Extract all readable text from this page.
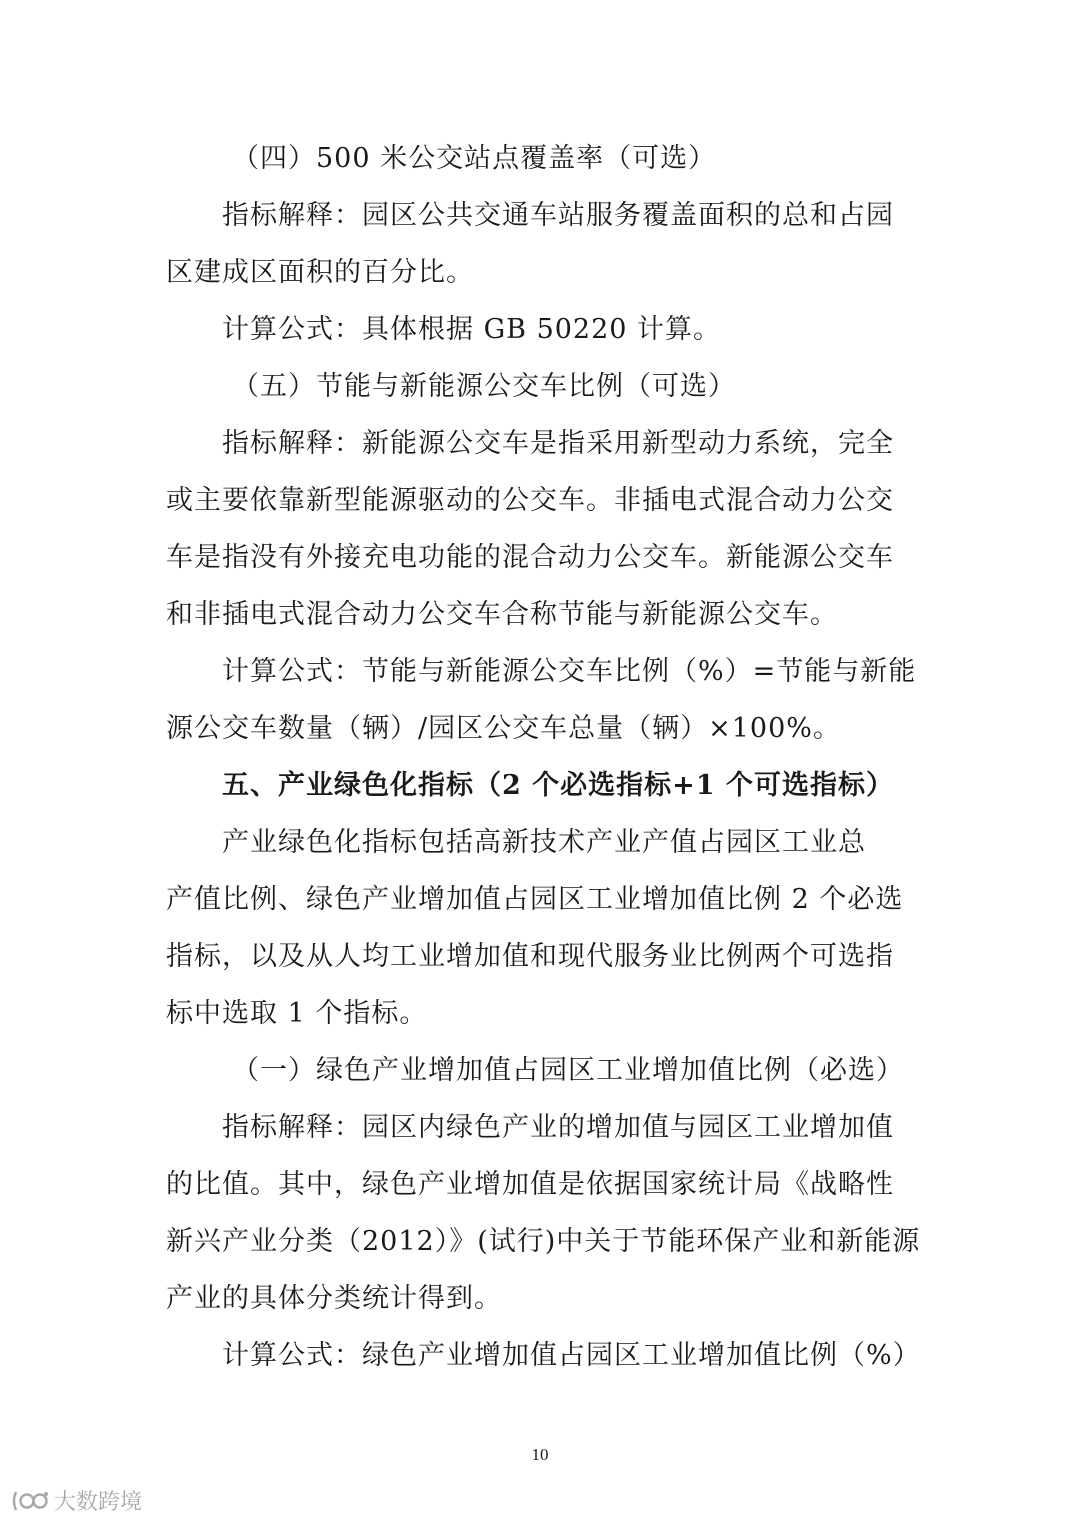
（四）500 米公交站点覆盖率（可选）
指标解释：园区公共交通车站服务覆盖面积的总和占园
区建成区面积的百分比。
计算公式：具体根据 GB 50220 计算。
（五）节能与新能源公交车比例（可选）
指标解释：新能源公交车是指采用新型动力系统，完全
或主要依靠新型能源驱动的公交车。非插电式混合动力公交
车是指没有外接充电功能的混合动力公交车。新能源公交车
和非插电式混合动力公交车合称节能与新能源公交车。
计算公式：节能与新能源公交车比例（%）=节能与新能
源公交车数量（辆）/园区公交车总量（辆）×100%。
五、产业绿色化指标（2 个必选指标+1 个可选指标）
产业绿色化指标包括高新技术产业产值占园区工业总
产值比例、绿色产业增加值占园区工业增加值比例 2 个必选
指标，以及从人均工业增加值和现代服务业比例两个可选指
标中选取 1 个指标。
（一）绿色产业增加值占园区工业增加值比例（必选）
指标解释：园区内绿色产业的增加值与园区工业增加值
的比值。其中，绿色产业增加值是依据国家统计局《战略性
新兴产业分类（2012）》(试行)中关于节能环保产业和新能源
产业的具体分类统计得到。
计算公式：绿色产业增加值占园区工业增加值比例（%）
10
大数跨境
